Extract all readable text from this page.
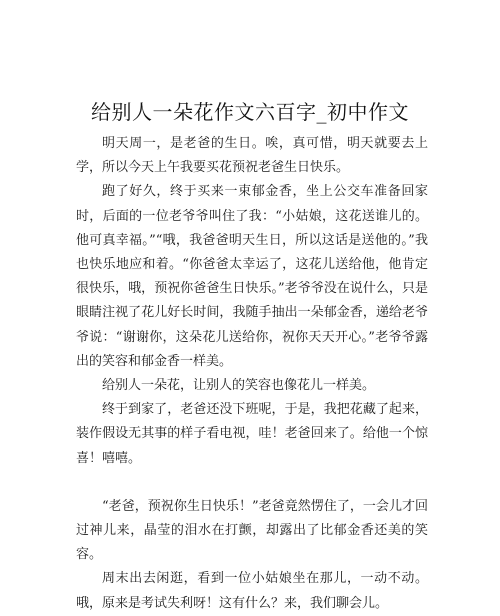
给别人一朵花作文六百字_初中作文

明天周一，是老爸的生日。唉，真可惜，明天就要去上学，所以今天上午我要买花预祝老爸生日快乐。

跑了好久，终于买来一束郁金香，坐上公交车准备回家时，后面的一位老爷爷叫住了我：“小姑娘，这花送谁儿的。他可真幸福。”“哦，我爸爸明天生日，所以这话是送他的。”我也快乐地应和着。“你爸爸太幸运了，这花儿送给他，他肯定很快乐，哦，预祝你爸爸生日快乐。”老爷爷没在说什么，只是眼睛注视了花儿好长时间，我随手抽出一朵郁金香，递给老爷爷说：“谢谢你，这朵花儿送给你，祝你天天开心。”老爷爷露出的笑容和郁金香一样美。

给别人一朵花，让别人的笑容也像花儿一样美。

终于到家了，老爸还没下班呢，于是，我把花藏了起来，装作假设无其事的样子看电视，哇！老爸回来了。给他一个惊喜！嘻嘻。

“老爸，预祝你生日快乐！”老爸竟然愣住了，一会儿才回过神儿来，晶莹的泪水在打颤，却露出了比郁金香还美的笑容。

周末出去闲逛，看到一位小姑娘坐在那儿，一动不动。哦，原来是考试失利呀！这有什么？来，我们聊会儿。
